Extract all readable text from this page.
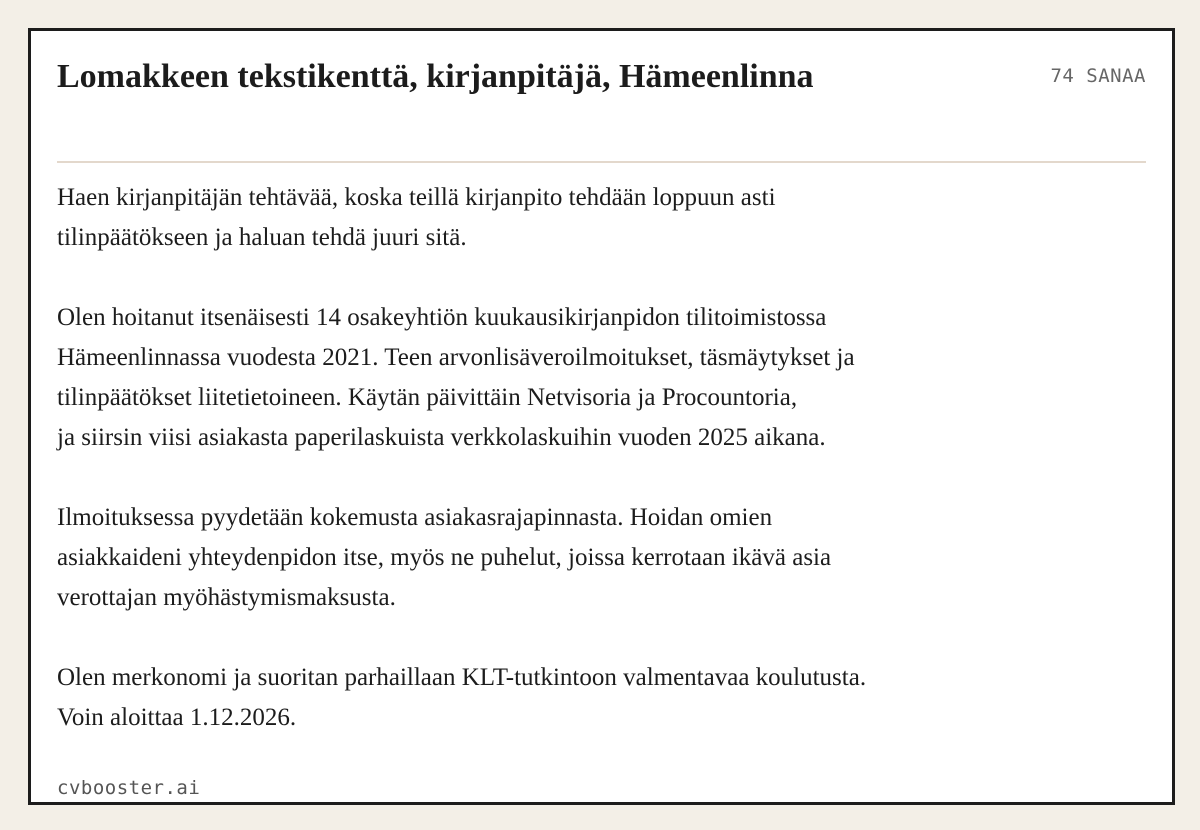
Lomakkeen tekstikenttä, kirjanpitäjä, Hämeenlinna	74 SANAA

Haen kirjanpitäjän tehtävää, koska teillä kirjanpito tehdään loppuun asti
tilinpäätökseen ja haluan tehdä juuri sitä.

Olen hoitanut itsenäisesti 14 osakeyhtiön kuukausikirjanpidon tilitoimistossa
Hämeenlinnassa vuodesta 2021. Teen arvonlisäveroilmoitukset, täsmäytykset ja
tilinpäätökset liitetietoineen. Käytän päivittäin Netvisoria ja Procountoria,
ja siirsin viisi asiakasta paperilaskuista verkkolaskuihin vuoden 2025 aikana.

Ilmoituksessa pyydetään kokemusta asiakasrajapinnasta. Hoidan omien
asiakkaideni yhteydenpidon itse, myös ne puhelut, joissa kerrotaan ikävä asia
verottajan myöhästymismaksusta.

Olen merkonomi ja suoritan parhaillaan KLT-tutkintoon valmentavaa koulutusta.
Voin aloittaa 1.12.2026.

cvbooster.ai
